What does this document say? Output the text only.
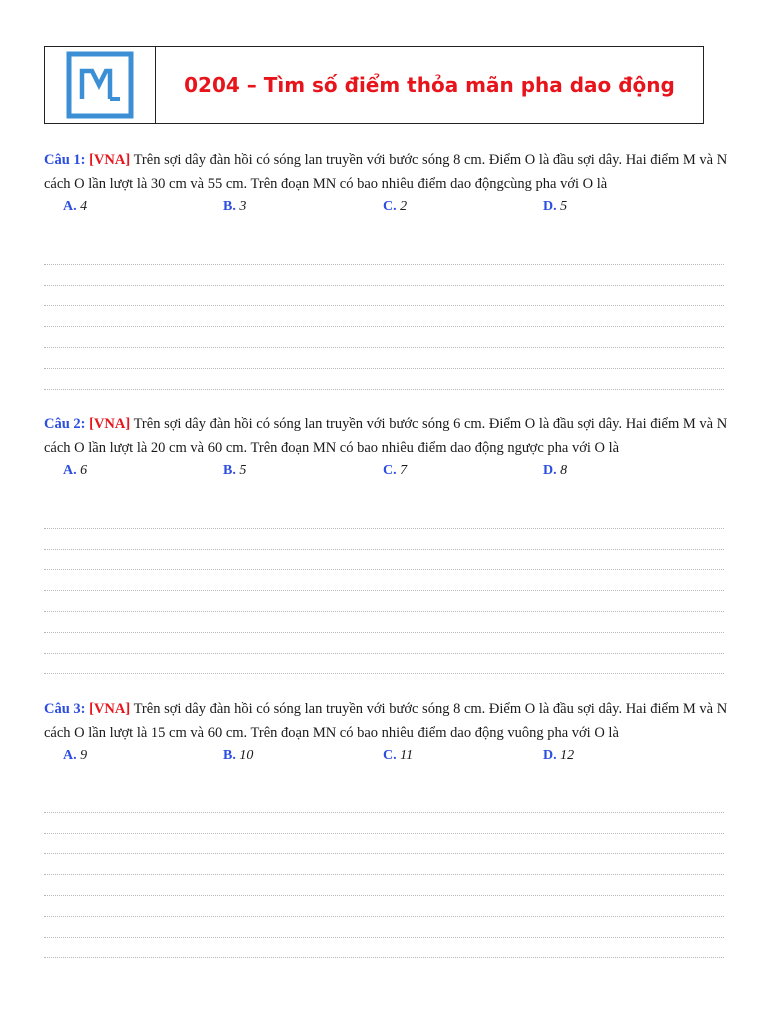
0204 – Tìm số điểm thỏa mãn pha dao động
Câu 1: [VNA] Trên sợi dây đàn hồi có sóng lan truyền với bước sóng 8 cm. Điểm O là đầu sợi dây. Hai điểm M và N cách O lần lượt là 30 cm và 55 cm. Trên đoạn MN có bao nhiêu điểm dao độngcùng pha với O là
A. 4	B. 3	C. 2	D. 5
Câu 2: [VNA] Trên sợi dây đàn hồi có sóng lan truyền với bước sóng 6 cm. Điểm O là đầu sợi dây. Hai điểm M và N cách O lần lượt là 20 cm và 60 cm. Trên đoạn MN có bao nhiêu điểm dao động ngược pha với O là
A. 6	B. 5	C. 7	D. 8
Câu 3: [VNA] Trên sợi dây đàn hồi có sóng lan truyền với bước sóng 8 cm. Điểm O là đầu sợi dây. Hai điểm M và N cách O lần lượt là 15 cm và 60 cm. Trên đoạn MN có bao nhiêu điểm dao động vuông pha với O là
A. 9	B. 10	C. 11	D. 12
